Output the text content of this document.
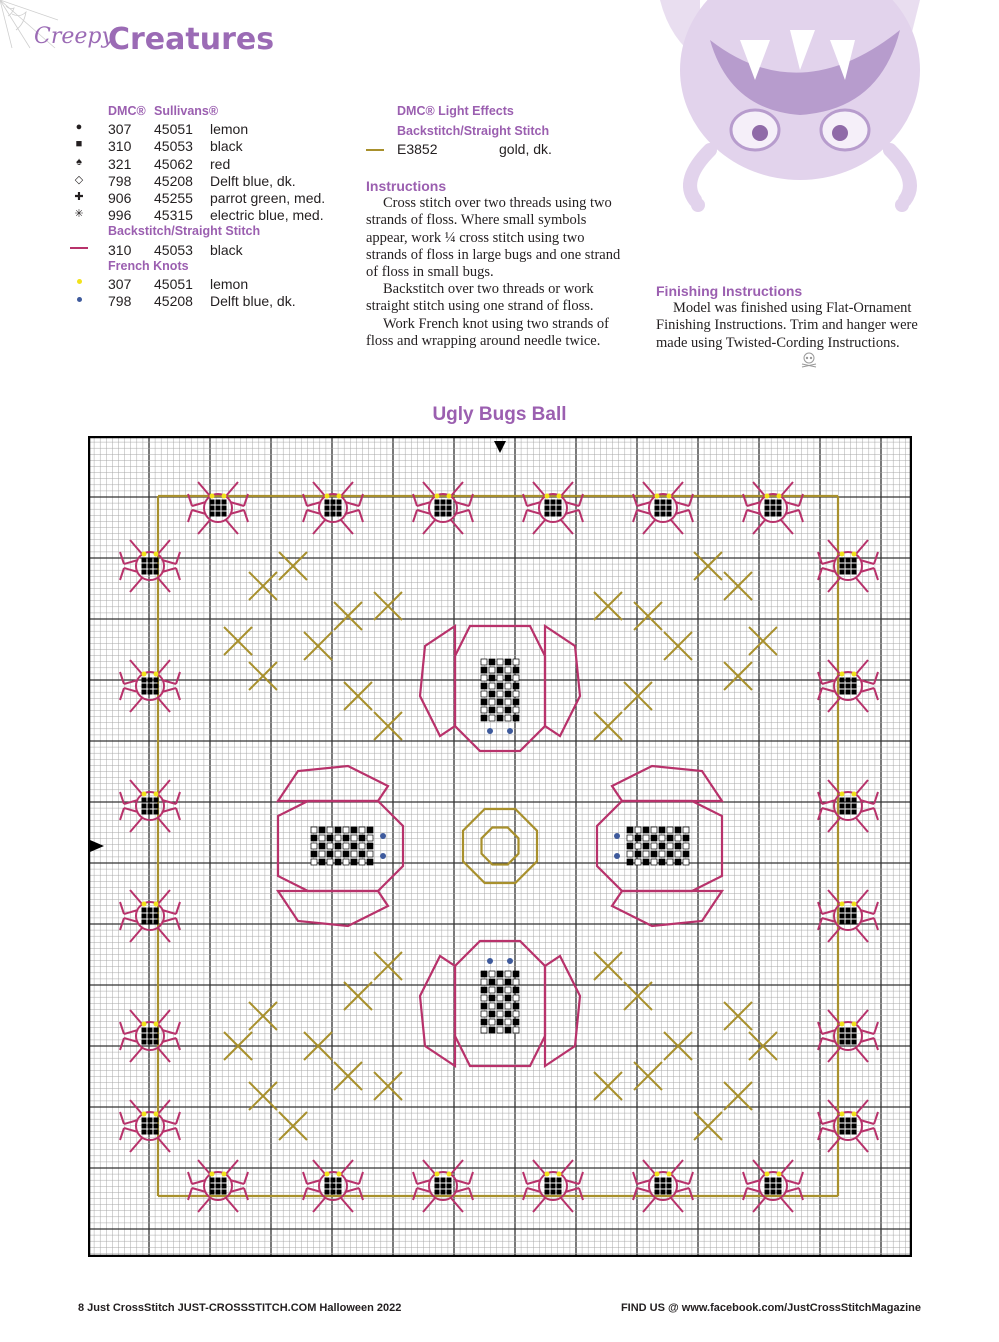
Creepy
Creatures
DMC® Sullivans®
●	307 45051 lemon
■	310 45053 black
♠	321 45062 red
◇	798 45208 Delft blue, dk.
✚	906 45255 parrot green, med.
✳	996 45315 electric blue, med.
Backstitch/Straight Stitch
310 45053 black
French Knots
307 45051 lemon
798 45208 Delft blue, dk.
DMC® Light Effects
Backstitch/Straight Stitch
E3852	gold, dk.
Instructions

Cross stitch over two threads using two strands of floss. Where small symbols appear, work ¼ cross stitch using two strands of floss in large bugs and one strand of floss in small bugs.

Backstitch over two threads or work straight stitch using one strand of floss.

Work French knot using two strands of floss and wrapping around needle twice.

Finishing Instructions

Model was finished using Flat-Ornament Finishing Instructions. Trim and hanger were made using Twisted-Cording Instructions.

Ugly Bugs Ball
8 Just CrossStitch JUST-CROSSSTITCH.COM Halloween 2022	FIND US @ www.facebook.com/JustCrossStitchMagazine
